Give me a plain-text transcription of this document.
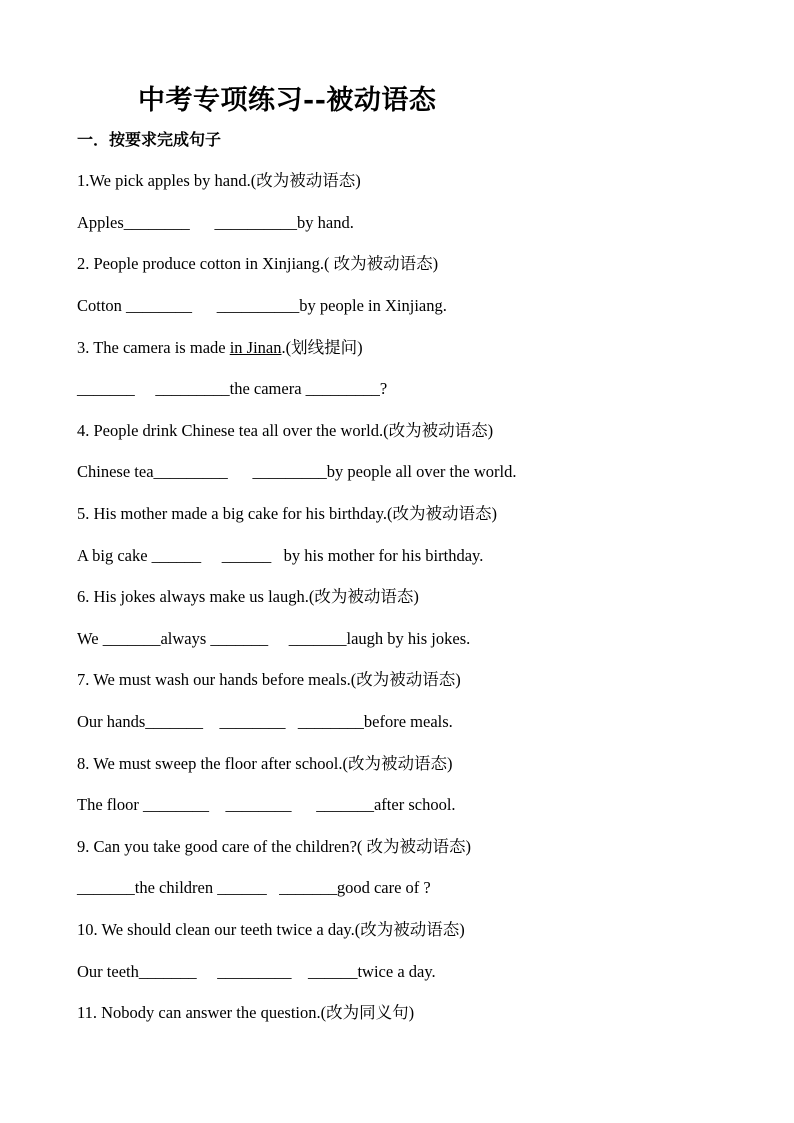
中考专项练习--被动语态
一．按要求完成句子
1.We pick apples by hand.(改为被动语态)
Apples________      __________by hand.
2. People produce cotton in Xinjiang.( 改为被动语态)
Cotton ________      __________by people in Xinjiang.
3. The camera is made in Jinan.(划线提问)
_______     _________the camera _________?
4. People drink Chinese tea all over the world.(改为被动语态)
Chinese tea_________      _________by people all over the world.
5. His mother made a big cake for his birthday.(改为被动语态)
A big cake ______     ______   by his mother for his birthday.
6. His jokes always make us laugh.(改为被动语态)
We _______always _______     _______laugh by his jokes.
7. We must wash our hands before meals.(改为被动语态)
Our hands_______    ________   ________before meals.
8. We must sweep the floor after school.(改为被动语态)
The floor ________    ________      _______after school.
9. Can you take good care of the children?( 改为被动语态)
_______the children ______   _______good care of ?
10. We should clean our teeth twice a day.(改为被动语态)
Our teeth_______     _________    ______twice a day.
11. Nobody can answer the question.(改为同义句)
